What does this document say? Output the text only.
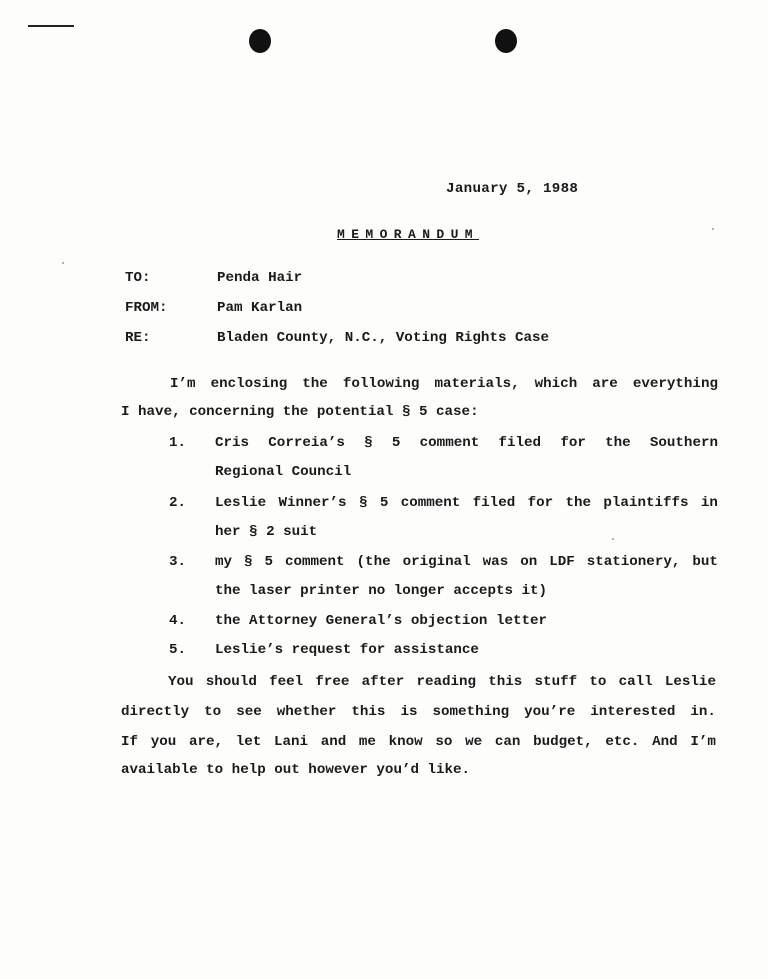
January 5, 1988
MEMORANDUM
TO:	Penda Hair
FROM:	Pam Karlan
RE:	Bladen County, N.C., Voting Rights Case
I’m enclosing the following materials, which are everything
I have, concerning the potential § 5 case:
1. Cris Correia’s § 5 comment filed for the Southern
Regional Council
2. Leslie Winner’s § 5 comment filed for the plaintiffs in
her § 2 suit
3. my § 5 comment (the original was on LDF stationery, but
the laser printer no longer accepts it)
4. the Attorney General’s objection letter
5. Leslie’s request for assistance
You should feel free after reading this stuff to call Leslie
directly to see whether this is something you’re interested in.
If you are, let Lani and me know so we can budget, etc. And I’m
available to help out however you’d like.
